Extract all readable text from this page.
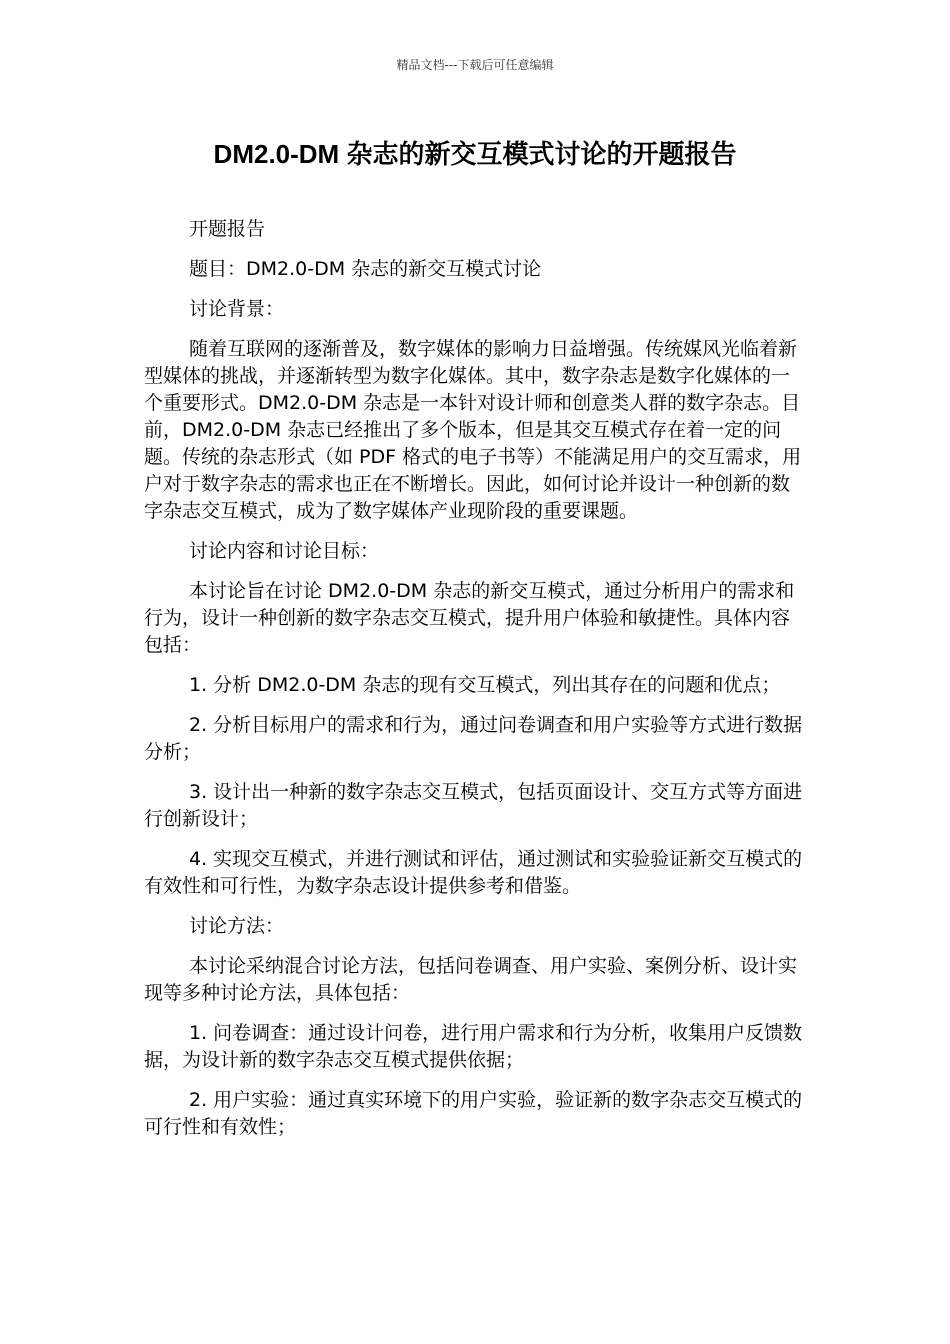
精品文档---下载后可任意编辑
DM2.0-DM 杂志的新交互模式讨论的开题报告

开题报告

题目：DM2.0-DM 杂志的新交互模式讨论

讨论背景：

随着互联网的逐渐普及，数字媒体的影响力日益增强。传统媒风光临着新型媒体的挑战，并逐渐转型为数字化媒体。其中，数字杂志是数字化媒体的一个重要形式。DM2.0-DM 杂志是一本针对设计师和创意类人群的数字杂志。目前，DM2.0-DM 杂志已经推出了多个版本，但是其交互模式存在着一定的问题。传统的杂志形式（如 PDF 格式的电子书等）不能满足用户的交互需求，用户对于数字杂志的需求也正在不断增长。因此，如何讨论并设计一种创新的数字杂志交互模式，成为了数字媒体产业现阶段的重要课题。

讨论内容和讨论目标：

本讨论旨在讨论 DM2.0-DM 杂志的新交互模式，通过分析用户的需求和行为，设计一种创新的数字杂志交互模式，提升用户体验和敏捷性。具体内容包括：

1. 分析 DM2.0-DM 杂志的现有交互模式，列出其存在的问题和优点；

2. 分析目标用户的需求和行为，通过问卷调查和用户实验等方式进行数据分析；

3. 设计出一种新的数字杂志交互模式，包括页面设计、交互方式等方面进行创新设计；

4. 实现交互模式，并进行测试和评估，通过测试和实验验证新交互模式的有效性和可行性，为数字杂志设计提供参考和借鉴。

讨论方法：

本讨论采纳混合讨论方法，包括问卷调查、用户实验、案例分析、设计实现等多种讨论方法，具体包括：

1. 问卷调查：通过设计问卷，进行用户需求和行为分析，收集用户反馈数据，为设计新的数字杂志交互模式提供依据；

2. 用户实验：通过真实环境下的用户实验，验证新的数字杂志交互模式的可行性和有效性；
